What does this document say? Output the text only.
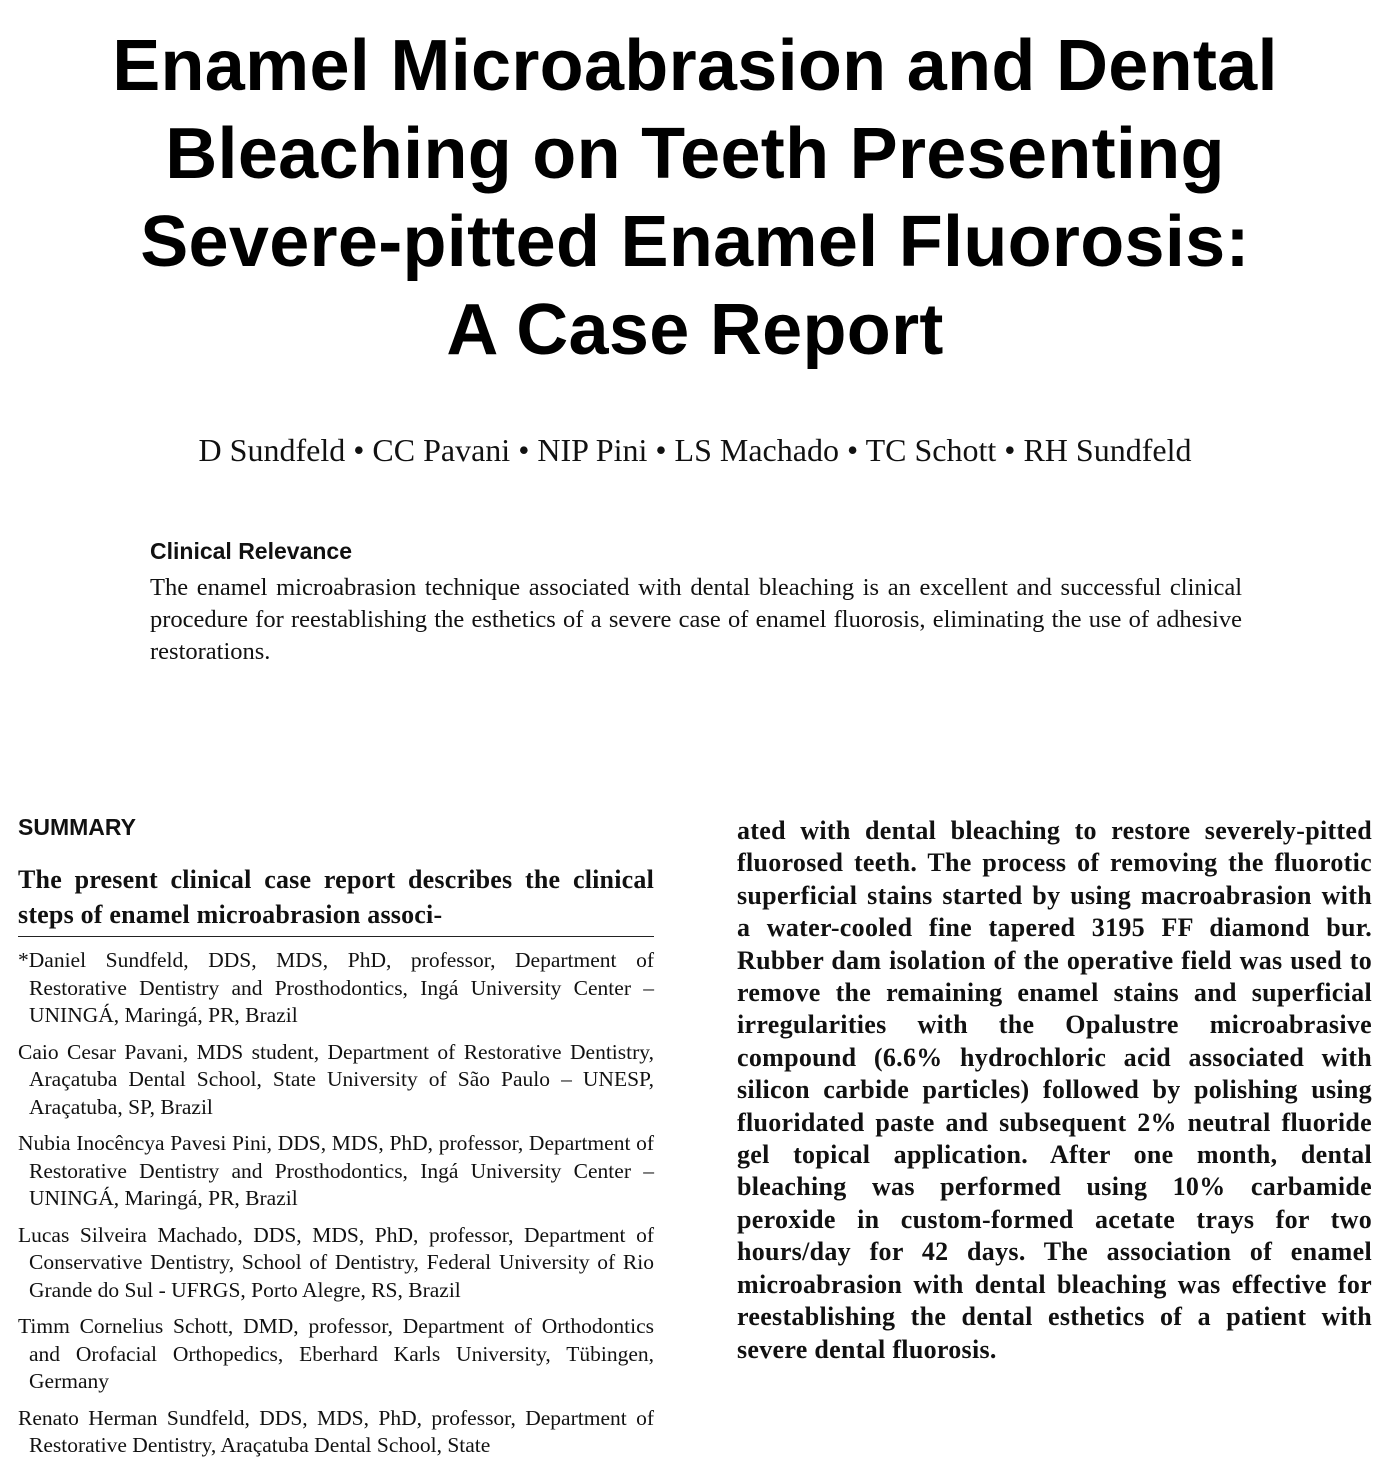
Enamel Microabrasion and Dental
Bleaching on Teeth Presenting
Severe-pitted Enamel Fluorosis:
A Case Report
D Sundfeld • CC Pavani • NIP Pini • LS Machado • TC Schott • RH Sundfeld
Clinical Relevance

The enamel microabrasion technique associated with dental bleaching is an excellent and successful clinical procedure for reestablishing the esthetics of a severe case of enamel fluorosis, eliminating the use of adhesive restorations.

SUMMARY

The present clinical case report describes the clinical steps of enamel microabrasion associ-

*Daniel Sundfeld, DDS, MDS, PhD, professor, Department of Restorative Dentistry and Prosthodontics, Ingá University Center – UNINGÁ, Maringá, PR, Brazil

Caio Cesar Pavani, MDS student, Department of Restorative Dentistry, Araçatuba Dental School, State University of São Paulo – UNESP, Araçatuba, SP, Brazil

Nubia Inocêncya Pavesi Pini, DDS, MDS, PhD, professor, Department of Restorative Dentistry and Prosthodontics, Ingá University Center – UNINGÁ, Maringá, PR, Brazil

Lucas Silveira Machado, DDS, MDS, PhD, professor, Department of Conservative Dentistry, School of Dentistry, Federal University of Rio Grande do Sul - UFRGS, Porto Alegre, RS, Brazil

Timm Cornelius Schott, DMD, professor, Department of Orthodontics and Orofacial Orthopedics, Eberhard Karls University, Tübingen, Germany

Renato Herman Sundfeld, DDS, MDS, PhD, professor, Department of Restorative Dentistry, Araçatuba Dental School, State

ated with dental bleaching to restore severely-pitted fluorosed teeth. The process of removing the fluorotic superficial stains started by using macroabrasion with a water-cooled fine tapered 3195 FF diamond bur. Rubber dam isolation of the operative field was used to remove the remaining enamel stains and superficial irregularities with the Opalustre microabrasive compound (6.6% hydrochloric acid associated with silicon carbide particles) followed by polishing using fluoridated paste and subsequent 2% neutral fluoride gel topical application. After one month, dental bleaching was performed using 10% carbamide peroxide in custom-formed acetate trays for two hours/day for 42 days. The association of enamel microabrasion with dental bleaching was effective for reestablishing the dental esthetics of a patient with severe dental fluorosis.
